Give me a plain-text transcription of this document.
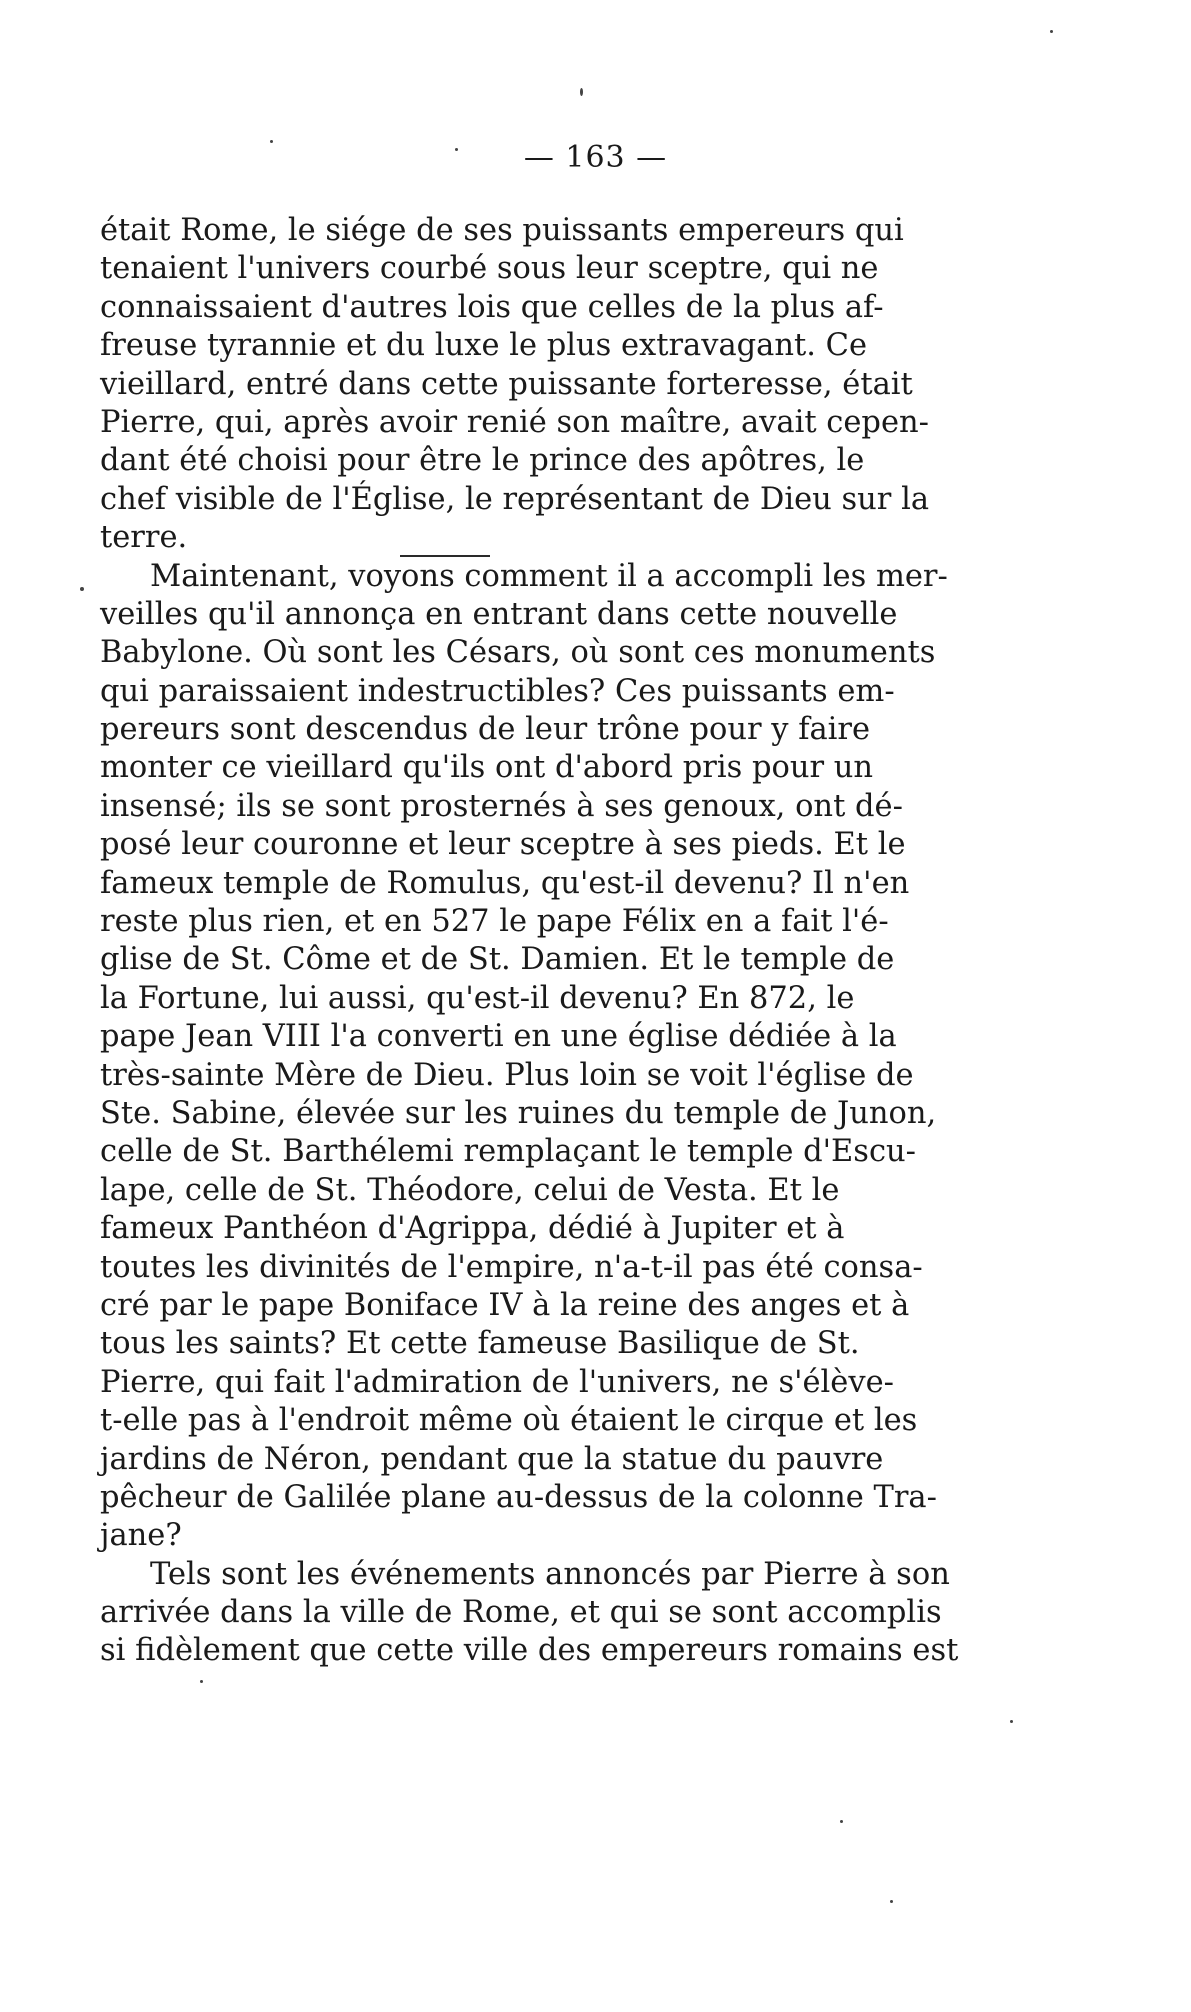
— 163 —
était Rome, le siége de ses puissants empereurs qui
tenaient l'univers courbé sous leur sceptre, qui ne
connaissaient d'autres lois que celles de la plus af-
freuse tyrannie et du luxe le plus extravagant. Ce
vieillard, entré dans cette puissante forteresse, était
Pierre, qui, après avoir renié son maître, avait cepen-
dant été choisi pour être le prince des apôtres, le
chef visible de l'Église, le représentant de Dieu sur la
terre.
Maintenant, voyons comment il a accompli les mer-
veilles qu'il annonça en entrant dans cette nouvelle
Babylone. Où sont les Césars, où sont ces monuments
qui paraissaient indestructibles? Ces puissants em-
pereurs sont descendus de leur trône pour y faire
monter ce vieillard qu'ils ont d'abord pris pour un
insensé; ils se sont prosternés à ses genoux, ont dé-
posé leur couronne et leur sceptre à ses pieds. Et le
fameux temple de Romulus, qu'est-il devenu? Il n'en
reste plus rien, et en 527 le pape Félix en a fait l'é-
glise de St. Côme et de St. Damien. Et le temple de
la Fortune, lui aussi, qu'est-il devenu? En 872, le
pape Jean VIII l'a converti en une église dédiée à la
très-sainte Mère de Dieu. Plus loin se voit l'église de
Ste. Sabine, élevée sur les ruines du temple de Junon,
celle de St. Barthélemi remplaçant le temple d'Escu-
lape, celle de St. Théodore, celui de Vesta. Et le
fameux Panthéon d'Agrippa, dédié à Jupiter et à
toutes les divinités de l'empire, n'a-t-il pas été consa-
cré par le pape Boniface IV à la reine des anges et à
tous les saints? Et cette fameuse Basilique de St.
Pierre, qui fait l'admiration de l'univers, ne s'élève-
t-elle pas à l'endroit même où étaient le cirque et les
jardins de Néron, pendant que la statue du pauvre
pêcheur de Galilée plane au-dessus de la colonne Tra-
jane?
Tels sont les événements annoncés par Pierre à son
arrivée dans la ville de Rome, et qui se sont accomplis
si fidèlement que cette ville des empereurs romains est
